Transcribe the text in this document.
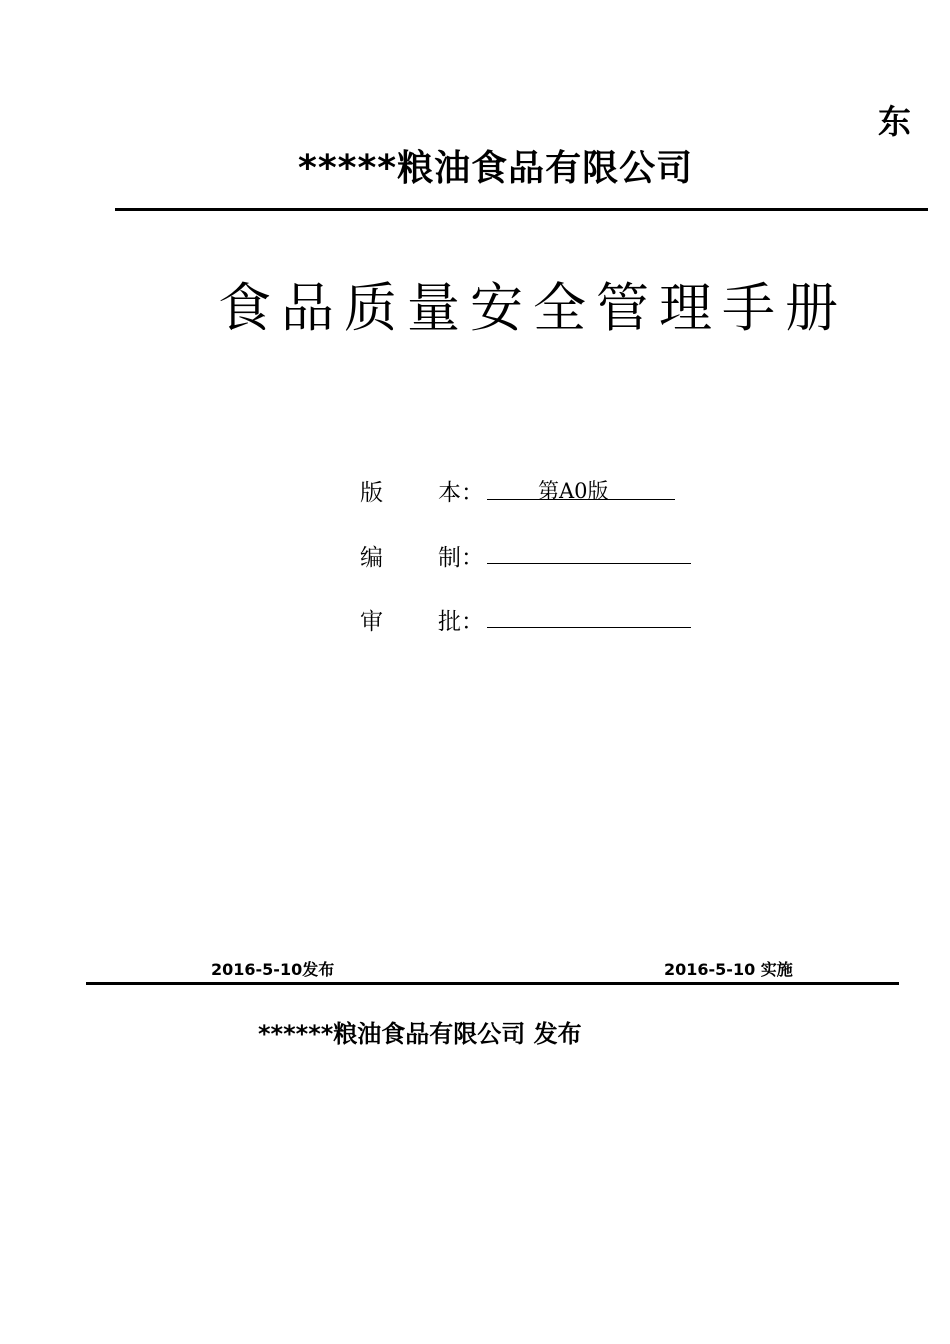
东
*****粮油食品有限公司
食品质量安全管理手册
版 本：	第A0版
编 制：
审 批：
2016-5-10发布	2016-5-10 实施
******粮油食品有限公司 发布
